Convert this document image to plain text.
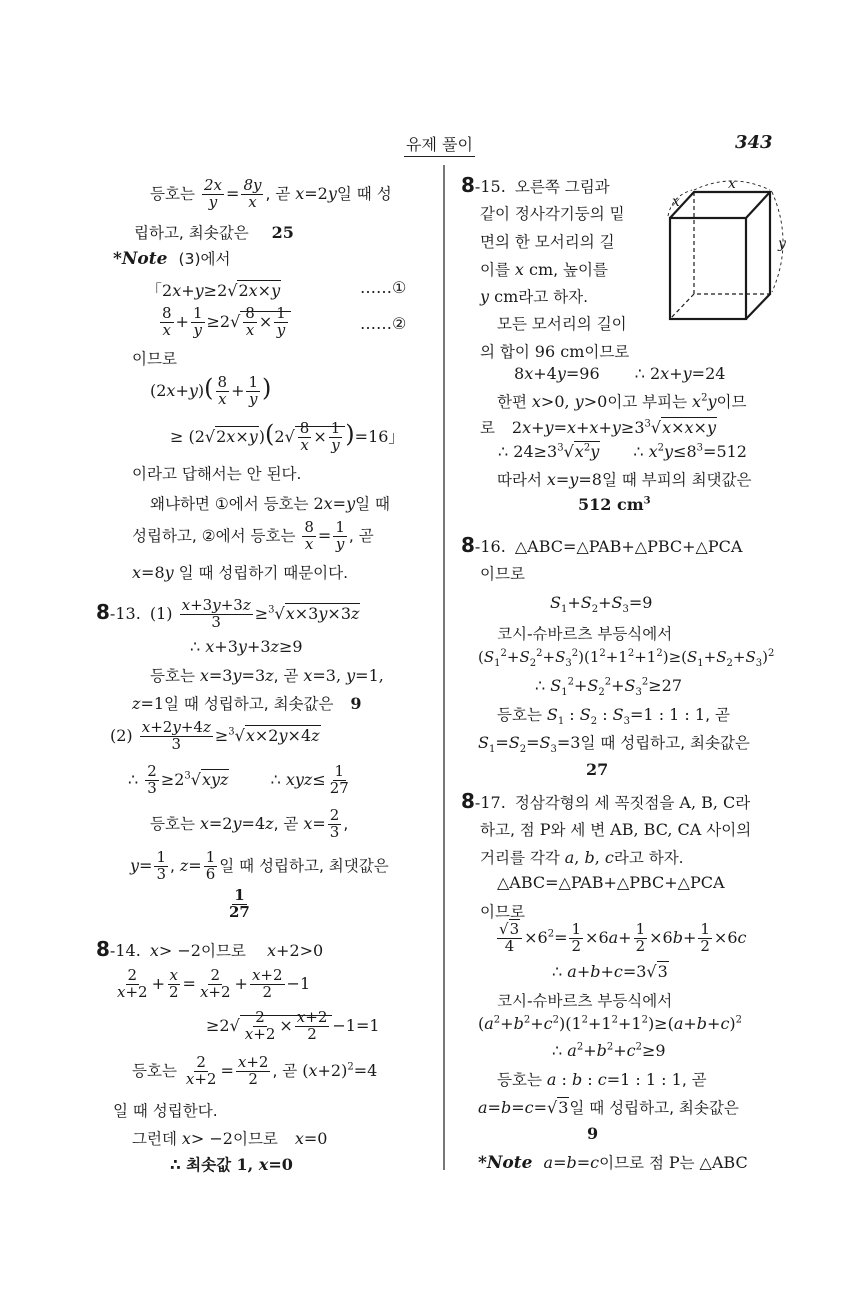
유제 풀이	343
등호는 $\frac{2x}{y} = \frac{8y}{x}$ , 곧 x=2y일 때 성
립하고, 최솟값은 25
*Note (3)에서
「2x+y≥2√2x×y	……①
$\frac{8}{x} + \frac{1}{y} \ge 2√ \frac{8}{x} \times \frac{1}{y}$	……②
이므로
$(2x+y)( \frac{8}{x} + \frac{1}{y}$ )
≥ $(2√2x\times y)(2√ \frac{8}{x} \times \frac{1}{y} )=16$」
이라고 답해서는 안 된다.
왜냐하면 ①에서 등호는 2x=y일 때
성립하고, ②에서 등호는 $\frac{8}{x} = \frac{1}{y}$ , 곧
x=8y 일 때 성립하기 때문이다.
8-13. $(1) \frac{x+3y+3z}{3} \ge^3√x\times 3y\times 3z$
∴ x+3y+3z≥9
등호는 x=3y=3z, 곧 x=3, y=1,
z=1일 때 성립하고, 최솟값은 9
$(2) \frac{x+2y+4z}{3} \ge^3√x\times 2y\times 4z$
∴ $\frac{2}{3} \ge 2^3√xyz$	∴ $xyz\le \frac{1}{27}$
등호는 x=2y=4z, 곧 $x= \frac{2}{3}$ ,
$y= \frac{1}{3}$ , $z= \frac{1}{6}$ 일 때 성립하고, 최댓값은
$\frac{1}{27}$
8-14. x> −2이므로 x+2>0
$\frac{2}{x+2} + \frac{x}{2} = \frac{2}{x+2} + \frac{x+2}{2} -1$
$\ge 2√ \frac{2}{x+2} \times \frac{x+2}{2} -1=1$
등호는 $\frac{2}{x+2} = \frac{x+2}{2}$ , 곧 $(x+2)^2=4$
일 때 성립한다.
그런데 x> −2이므로 x=0
∴ 최솟값 1, x=0
8-15. 오른쪽 그림과
같이 정사각기둥의 밑
면의 한 모서리의 길
이를 x cm, 높이를
y cm라고 하자.
모든 모서리의 길이
의 합이 96 cm이므로
x
x
y
8x+4y=96 ∴ 2x+y=24
한편 x>0, y>0이고 부피는 $x^2y$이므
로 $2x+y=x+x+y\ge 3^3√x\times x\times y$
∴ $24\ge 3^3√x^2y$ ∴ $x^2y\le 8^3=512$
따라서 x=y=8일 때 부피의 최댓값은
512 $cm^3$
8-16. △ABC=△PAB+△PBC+△PCA
이므로
$S_1+S_2+S_3=9$
코시-슈바르츠 부등식에서
$(S_1^2+S_2^2+S_3^2)(1^2+1^2+1^2)\ge(S_1+S_2+S_3)^2$
∴ $S_1^2+S_2^2+S_3^2\ge 27$
등호는 $S_1$ : $S_2$ : $S_3=1$ : 1 : 1, 곧
$S_1=S_2=S_3=3$일 때 성립하고, 최솟값은
27
8-17. 정삼각형의 세 꼭짓점을 A, B, C라
하고, 점 P와 세 변 AB, BC, CA 사이의
거리를 각각 a, b, c라고 하자.
△ABC=△PAB+△PBC+△PCA
이므로
$\frac{√3}{4} \times 6^2= \frac{1}{2} \times 6a+ \frac{1}{2} \times 6b+ \frac{1}{2} \times 6c$
∴ a+b+c=3√3
코시-슈바르츠 부등식에서
$(a^2+b^2+c^2)(1^2+1^2+1^2)\ge(a+b+c)^2$
∴ $a^2+b^2+c^2\ge 9$
등호는 a : b : c=1 : 1 : 1, 곧
a=b=c=√3일 때 성립하고, 최솟값은
9
*Note a=b=c이므로 점 P는 △ABC
